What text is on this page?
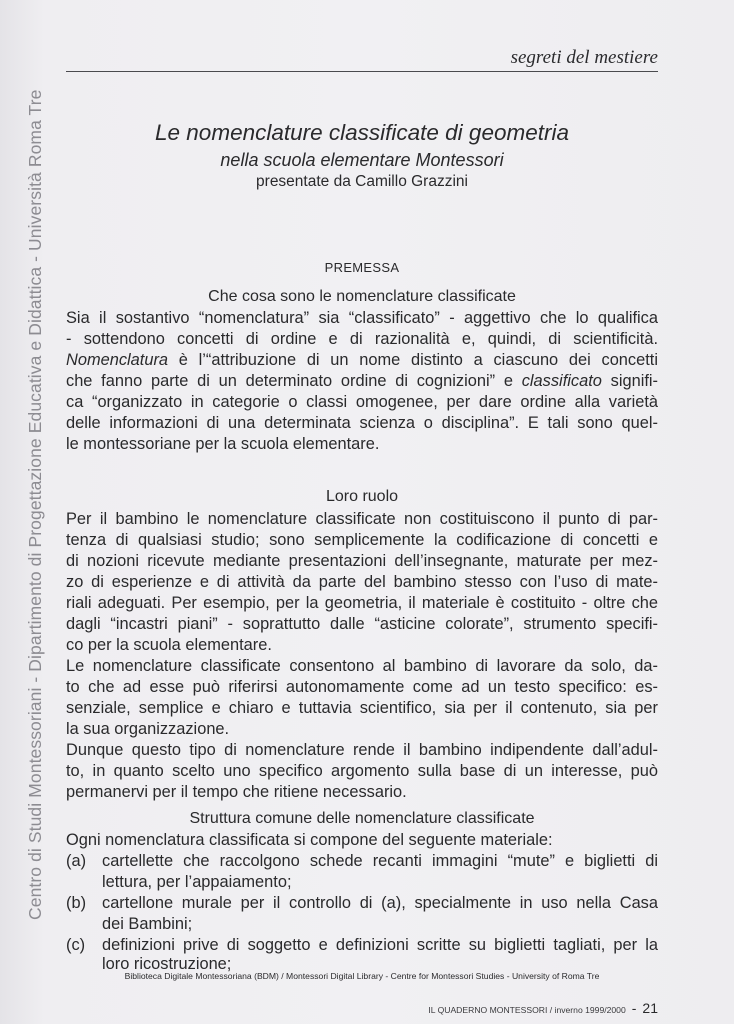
Centro di Studi Montessoriani - Dipartimento di Progettazione Educativa e Didattica - Università Roma Tre
segreti del mestiere
Le nomenclature classificate di geometria
nella scuola elementare Montessori
presentate da Camillo Grazzini
PREMESSA
Che cosa sono le nomenclature classificate
Sia il sostantivo “nomenclatura” sia “classificato” - aggettivo che lo qualifica
- sottendono concetti di ordine e di razionalità e, quindi, di scientificità.
Nomenclatura è l’“attribuzione di un nome distinto a ciascuno dei concetti
che fanno parte di un determinato ordine di cognizioni” e classificato signifi-
ca “organizzato in categorie o classi omogenee, per dare ordine alla varietà
delle informazioni di una determinata scienza o disciplina”. E tali sono quel-
le montessoriane per la scuola elementare.
Loro ruolo
Per il bambino le nomenclature classificate non costituiscono il punto di par-
tenza di qualsiasi studio; sono semplicemente la codificazione di concetti e
di nozioni ricevute mediante presentazioni dell’insegnante, maturate per mez-
zo di esperienze e di attività da parte del bambino stesso con l’uso di mate-
riali adeguati. Per esempio, per la geometria, il materiale è costituito - oltre che
dagli “incastri piani” - soprattutto dalle “asticine colorate”, strumento specifi-
co per la scuola elementare.
Le nomenclature classificate consentono al bambino di lavorare da solo, da-
to che ad esse può riferirsi autonomamente come ad un testo specifico: es-
senziale, semplice e chiaro e tuttavia scientifico, sia per il contenuto, sia per
la sua organizzazione.
Dunque questo tipo di nomenclature rende il bambino indipendente dall’adul-
to, in quanto scelto uno specifico argomento sulla base di un interesse, può
permanervi per il tempo che ritiene necessario.
Struttura comune delle nomenclature classificate
Ogni nomenclatura classificata si compone del seguente materiale:
(a) cartellette che raccolgono schede recanti immagini “mute” e biglietti di
lettura, per l’appaiamento;
(b) cartellone murale per il controllo di (a), specialmente in uso nella Casa
dei Bambini;
(c)	definizioni prive di soggetto e definizioni scritte su biglietti tagliati, per la
loro ricostruzione;
Biblioteca Digitale Montessoriana (BDM) / Montessori Digital Library - Centre for Montessori Studies - University of Roma Tre
IL QUADERNO MONTESSORI / inverno 1999/2000 - 21
